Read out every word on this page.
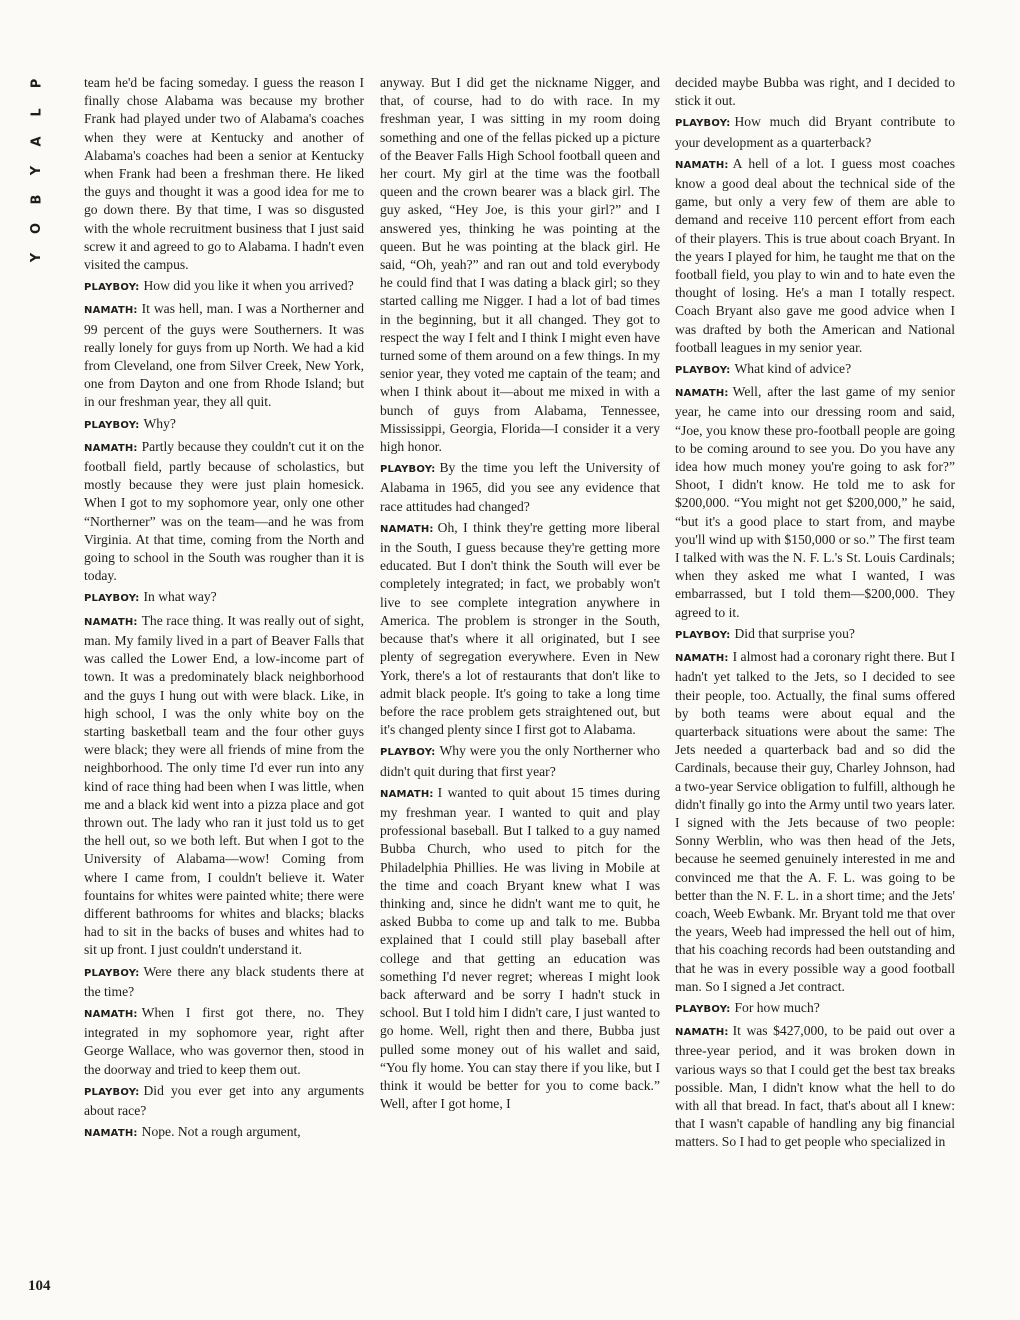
P
L
A
Y
B
O
Y

team he'd be facing someday. I guess the reason I finally chose Alabama was because my brother Frank had played under two of Alabama's coaches when they were at Kentucky and another of Alabama's coaches had been a senior at Kentucky when Frank had been a freshman there. He liked the guys and thought it was a good idea for me to go down there. By that time, I was so disgusted with the whole recruitment business that I just said screw it and agreed to go to Alabama. I hadn't even visited the campus.

PLAYBOY: How did you like it when you arrived?

NAMATH: It was hell, man. I was a Northerner and 99 percent of the guys were Southerners. It was really lonely for guys from up North. We had a kid from Cleveland, one from Silver Creek, New York, one from Dayton and one from Rhode Island; but in our freshman year, they all quit.

PLAYBOY: Why?

NAMATH: Partly because they couldn't cut it on the football field, partly because of scholastics, but mostly because they were just plain homesick. When I got to my sophomore year, only one other “Northerner” was on the team—and he was from Virginia. At that time, coming from the North and going to school in the South was rougher than it is today.

PLAYBOY: In what way?

NAMATH: The race thing. It was really out of sight, man. My family lived in a part of Beaver Falls that was called the Lower End, a low-income part of town. It was a predominately black neighborhood and the guys I hung out with were black. Like, in high school, I was the only white boy on the starting basketball team and the four other guys were black; they were all friends of mine from the neighborhood. The only time I'd ever run into any kind of race thing had been when I was little, when me and a black kid went into a pizza place and got thrown out. The lady who ran it just told us to get the hell out, so we both left. But when I got to the University of Alabama—wow! Coming from where I came from, I couldn't believe it. Water fountains for whites were painted white; there were different bathrooms for whites and blacks; blacks had to sit in the backs of buses and whites had to sit up front. I just couldn't understand it.

PLAYBOY: Were there any black students there at the time?

NAMATH: When I first got there, no. They integrated in my sophomore year, right after George Wallace, who was governor then, stood in the doorway and tried to keep them out.

PLAYBOY: Did you ever get into any arguments about race?

NAMATH: Nope. Not a rough argument,

anyway. But I did get the nickname Nigger, and that, of course, had to do with race. In my freshman year, I was sitting in my room doing something and one of the fellas picked up a picture of the Beaver Falls High School football queen and her court. My girl at the time was the football queen and the crown bearer was a black girl. The guy asked, “Hey Joe, is this your girl?” and I answered yes, thinking he was pointing at the queen. But he was pointing at the black girl. He said, “Oh, yeah?” and ran out and told everybody he could find that I was dating a black girl; so they started calling me Nigger. I had a lot of bad times in the beginning, but it all changed. They got to respect the way I felt and I think I might even have turned some of them around on a few things. In my senior year, they voted me captain of the team; and when I think about it—about me mixed in with a bunch of guys from Alabama, Tennessee, Mississippi, Georgia, Florida—I consider it a very high honor.

PLAYBOY: By the time you left the University of Alabama in 1965, did you see any evidence that race attitudes had changed?

NAMATH: Oh, I think they're getting more liberal in the South, I guess because they're getting more educated. But I don't think the South will ever be completely integrated; in fact, we probably won't live to see complete integration anywhere in America. The problem is stronger in the South, because that's where it all originated, but I see plenty of segregation everywhere. Even in New York, there's a lot of restaurants that don't like to admit black people. It's going to take a long time before the race problem gets straightened out, but it's changed plenty since I first got to Alabama.

PLAYBOY: Why were you the only Northerner who didn't quit during that first year?

NAMATH: I wanted to quit about 15 times during my freshman year. I wanted to quit and play professional baseball. But I talked to a guy named Bubba Church, who used to pitch for the Philadelphia Phillies. He was living in Mobile at the time and coach Bryant knew what I was thinking and, since he didn't want me to quit, he asked Bubba to come up and talk to me. Bubba explained that I could still play baseball after college and that getting an education was something I'd never regret; whereas I might look back afterward and be sorry I hadn't stuck in school. But I told him I didn't care, I just wanted to go home. Well, right then and there, Bubba just pulled some money out of his wallet and said, “You fly home. You can stay there if you like, but I think it would be better for you to come back.” Well, after I got home, I

decided maybe Bubba was right, and I decided to stick it out.

PLAYBOY: How much did Bryant contribute to your development as a quarterback?

NAMATH: A hell of a lot. I guess most coaches know a good deal about the technical side of the game, but only a very few of them are able to demand and receive 110 percent effort from each of their players. This is true about coach Bryant. In the years I played for him, he taught me that on the football field, you play to win and to hate even the thought of losing. He's a man I totally respect. Coach Bryant also gave me good advice when I was drafted by both the American and National football leagues in my senior year.

PLAYBOY: What kind of advice?

NAMATH: Well, after the last game of my senior year, he came into our dressing room and said, “Joe, you know these pro-football people are going to be coming around to see you. Do you have any idea how much money you're going to ask for?” Shoot, I didn't know. He told me to ask for $200,000. “You might not get $200,000,” he said, “but it's a good place to start from, and maybe you'll wind up with $150,000 or so.” The first team I talked with was the N. F. L.'s St. Louis Cardinals; when they asked me what I wanted, I was embarrassed, but I told them—$200,000. They agreed to it.

PLAYBOY: Did that surprise you?

NAMATH: I almost had a coronary right there. But I hadn't yet talked to the Jets, so I decided to see their people, too. Actually, the final sums offered by both teams were about equal and the quarterback situations were about the same: The Jets needed a quarterback bad and so did the Cardinals, because their guy, Charley Johnson, had a two-year Service obligation to fulfill, although he didn't finally go into the Army until two years later. I signed with the Jets because of two people: Sonny Werblin, who was then head of the Jets, because he seemed genuinely interested in me and convinced me that the A. F. L. was going to be better than the N. F. L. in a short time; and the Jets' coach, Weeb Ewbank. Mr. Bryant told me that over the years, Weeb had impressed the hell out of him, that his coaching records had been outstanding and that he was in every possible way a good football man. So I signed a Jet contract.

PLAYBOY: For how much?

NAMATH: It was $427,000, to be paid out over a three-year period, and it was broken down in various ways so that I could get the best tax breaks possible. Man, I didn't know what the hell to do with all that bread. In fact, that's about all I knew: that I wasn't capable of handling any big financial matters. So I had to get people who specialized in

104
